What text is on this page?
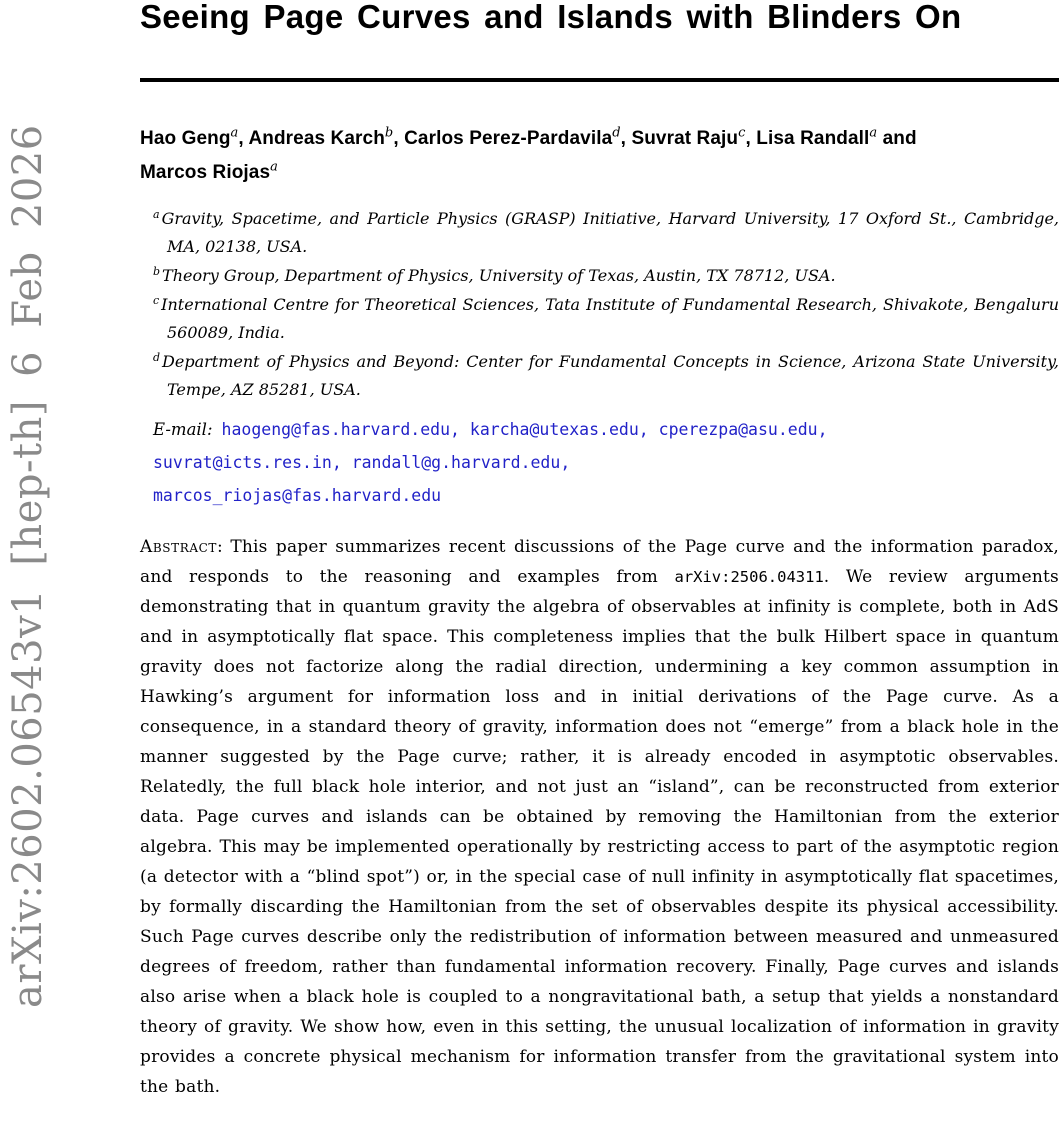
arXiv:2602.06543v1 [hep-th] 6 Feb 2026
Seeing Page Curves and Islands with Blinders On

Hao Geng$^a$, Andreas Karch$^b$, Carlos Perez-Pardavila$^d$, Suvrat Raju$^c$, Lisa Randall$^a$ and
Marcos Riojas$^a$

$^a$ Gravity, Spacetime, and Particle Physics (GRASP) Initiative, Harvard University, 17 Oxford St., Cambridge, MA, 02138, USA.

$^b$ Theory Group, Department of Physics, University of Texas, Austin, TX 78712, USA.

$^c$ International Centre for Theoretical Sciences, Tata Institute of Fundamental Research, Shivakote, Bengaluru 560089, India.

$^d$ Department of Physics and Beyond: Center for Fundamental Concepts in Science, Arizona State University, Tempe, AZ 85281, USA.

E-mail: haogeng@fas.harvard.edu, karcha@utexas.edu, cperezpa@asu.edu,
suvrat@icts.res.in, randall@g.harvard.edu,
marcos_riojas@fas.harvard.edu

Abstract: This paper summarizes recent discussions of the Page curve and the information paradox, and responds to the reasoning and examples from arXiv:2506.04311. We review arguments demonstrating that in quantum gravity the algebra of observables at infinity is complete, both in AdS and in asymptotically flat space. This completeness implies that the bulk Hilbert space in quantum gravity does not factorize along the radial direction, undermining a key common assumption in Hawking’s argument for information loss and in initial derivations of the Page curve. As a consequence, in a standard theory of gravity, information does not “emerge” from a black hole in the manner suggested by the Page curve; rather, it is already encoded in asymptotic observables. Relatedly, the full black hole interior, and not just an “island”, can be reconstructed from exterior data. Page curves and islands can be obtained by removing the Hamiltonian from the exterior algebra. This may be implemented operationally by restricting access to part of the asymptotic region (a detector with a “blind spot”) or, in the special case of null infinity in asymptotically flat spacetimes, by formally discarding the Hamiltonian from the set of observables despite its physical accessibility. Such Page curves describe only the redistribution of information between measured and unmeasured degrees of freedom, rather than fundamental information recovery. Finally, Page curves and islands also arise when a black hole is coupled to a nongravitational bath, a setup that yields a nonstandard theory of gravity. We show how, even in this setting, the unusual localization of information in gravity provides a concrete physical mechanism for information transfer from the gravitational system into the bath.
